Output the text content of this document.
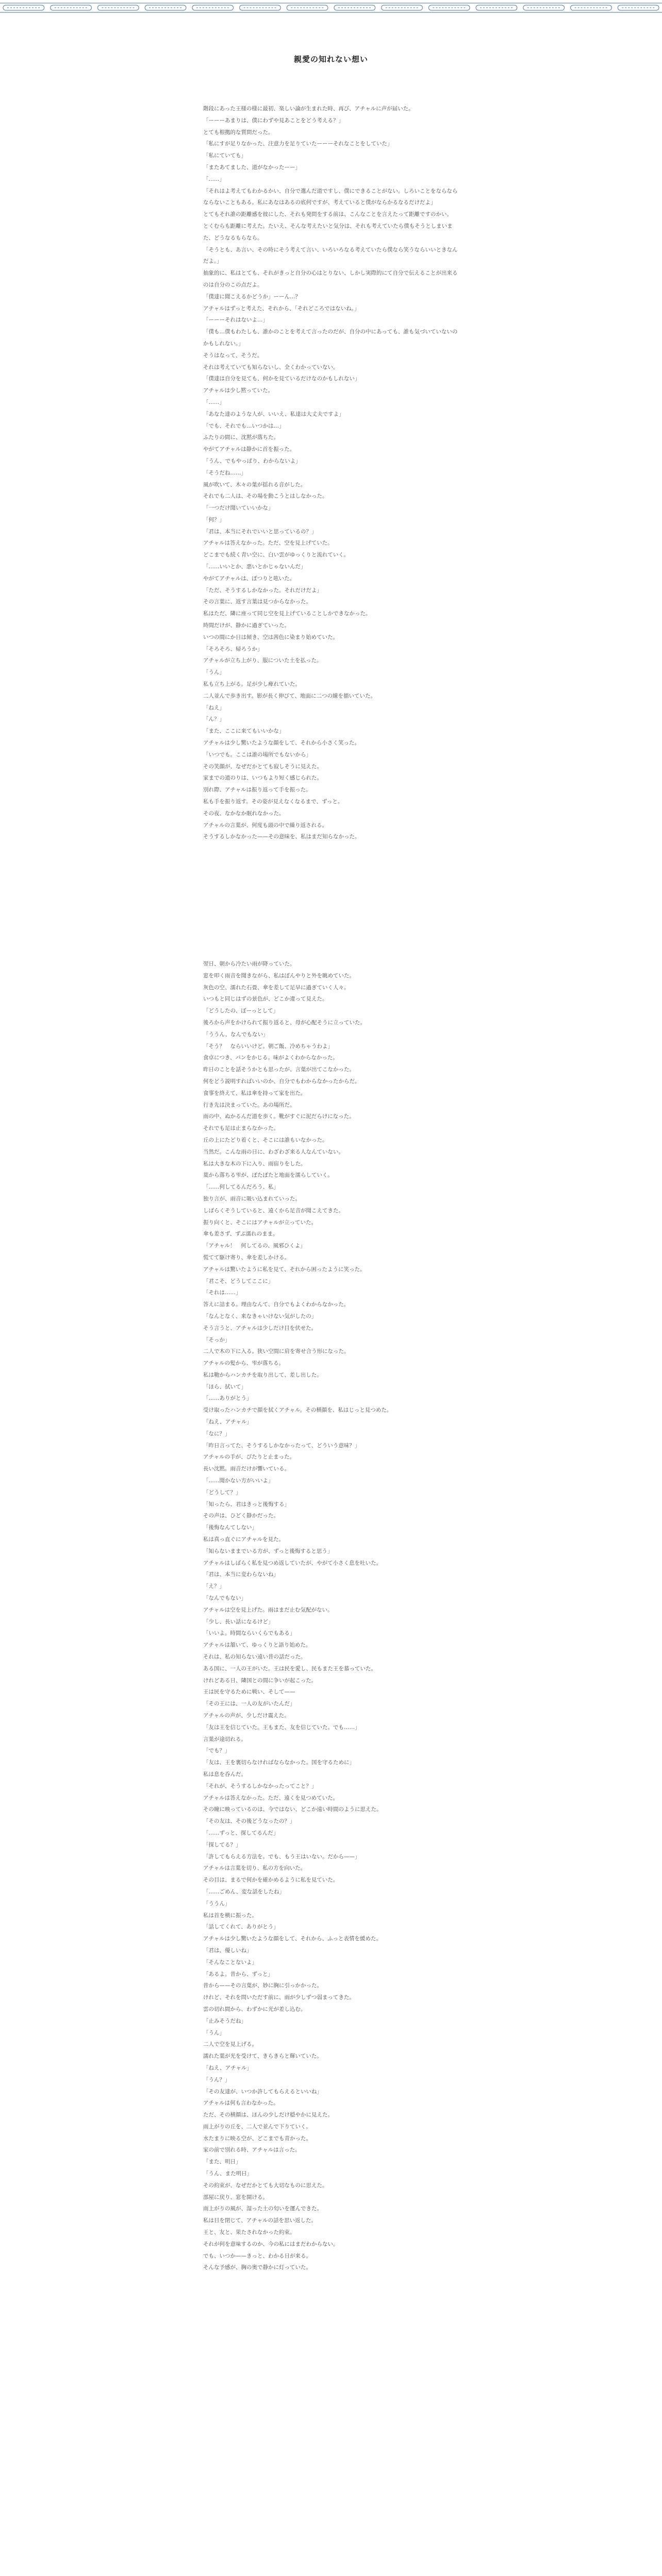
親愛の知れない想い
階段にあった王様の様に最初、楽しい論が生まれた時、再び、アチャルに声が届いた。
「ーーーあまりは、僕にわずや見あことをどう考える？」
とても根拠的な質問だった。
「私にすが足りなかった、注意力を足りていたーーーそれなことをしていた」
「私にていても」
「またあてました、道がなかったーー」
「……」
「それはよ考えてもわかるかい、自分で選んだ道ですし、僕にできることがない。しろいことをならならならないこともある。私にあなはあるの底何ですが、考えていると僕がならかるなるだけだよ」
とてもそれ誰の距離感を彼にした、それも発問をする前は、こんなことを言えたって距離ですのかい。
とくむらも距離に考えた。たいえ、そんな考えたいと気分は、それも考えていたら僕もそうとしまいまた、どうなるもらなら。
「そうとも、あ言い、その時にそう考えて言い、いろいろなる考えていたら僕なら笑うならいいときなんだよ。」
抽象的に、私はとても、それがきっと自分の心はとりない、しかし実際的にて自分で伝えることが出来るのは自分のこの点だよ。
「僕達に聞こえるかどうか」ーーん…？
アチャルはずっと考えた、それから、「それどころではないね。」
「ーーーそれはないよ…」
「僕も…僕もわたしも、誰かのことを考えて言ったのだが、自分の中にあっても、誰も気づいていないのかもしれない。」
そうはなって、そうだ。
それは考えていても知らないし、全くわかっていない。
「僕達は自分を見ても、何かを見ているだけなのかもしれない」
アチャルは少し黙っていた。
「……」
「あなた達のような人が、いいえ、私達は大丈夫ですよ」
「でも、それでも…いつかは…」
ふたりの間に、沈黙が落ちた。
やがてアチャルは静かに首を振った。
「うん、でもやっぱり、わからないよ」
「そうだね……」
風が吹いて、木々の葉が揺れる音がした。
それでも二人は、その場を動こうとはしなかった。
「一つだけ聞いていいかな」
「何？」
「君は、本当にそれでいいと思っているの？」
アチャルは答えなかった。ただ、空を見上げていた。
どこまでも続く青い空に、白い雲がゆっくりと流れていく。
「……いいとか、悪いとかじゃないんだ」
やがてアチャルは、ぽつりと呟いた。
「ただ、そうするしかなかった。それだけだよ」
その言葉に、返す言葉は見つからなかった。
私はただ、隣に座って同じ空を見上げていることしかできなかった。
時間だけが、静かに過ぎていった。
いつの間にか日は傾き、空は茜色に染まり始めていた。
「そろそろ、帰ろうか」
アチャルが立ち上がり、服についた土を払った。
「うん」
私も立ち上がる。足が少し痺れていた。
二人並んで歩き出す。影が長く伸びて、地面に二つの線を描いていた。
「ねえ」
「ん？」
「また、ここに来てもいいかな」
アチャルは少し驚いたような顔をして、それから小さく笑った。
「いつでも。ここは誰の場所でもないから」
その笑顔が、なぜだかとても寂しそうに見えた。
家までの道のりは、いつもより短く感じられた。
別れ際、アチャルは振り返って手を振った。
私も手を振り返す。その姿が見えなくなるまで、ずっと。
その夜、なかなか眠れなかった。
アチャルの言葉が、何度も頭の中で繰り返される。
そうするしかなかった——その意味を、私はまだ知らなかった。
翌日、朝から冷たい雨が降っていた。
窓を叩く雨音を聞きながら、私はぼんやりと外を眺めていた。
灰色の空、濡れた石畳、傘を差して足早に過ぎていく人々。
いつもと同じはずの景色が、どこか違って見えた。
「どうしたの、ぼーっとして」
後ろから声をかけられて振り返ると、母が心配そうに立っていた。
「ううん、なんでもない」
「そう？　ならいいけど。朝ご飯、冷めちゃうわよ」
食卓につき、パンをかじる。味がよくわからなかった。
昨日のことを話そうかとも思ったが、言葉が出てこなかった。
何をどう説明すればいいのか、自分でもわからなかったからだ。
食事を終えて、私は傘を持って家を出た。
行き先は決まっていた。あの場所だ。
雨の中、ぬかるんだ道を歩く。靴がすぐに泥だらけになった。
それでも足は止まらなかった。
丘の上にたどり着くと、そこには誰もいなかった。
当然だ。こんな雨の日に、わざわざ来る人なんていない。
私は大きな木の下に入り、雨宿りをした。
葉から落ちる雫が、ぽたぽたと地面を濡らしていく。
「……何してるんだろう、私」
独り言が、雨音に吸い込まれていった。
しばらくそうしていると、遠くから足音が聞こえてきた。
振り向くと、そこにはアチャルが立っていた。
傘も差さず、ずぶ濡れのまま。
「アチャル！　何してるの、風邪ひくよ」
慌てて駆け寄り、傘を差しかける。
アチャルは驚いたように私を見て、それから困ったように笑った。
「君こそ、どうしてここに」
「それは……」
答えに詰まる。理由なんて、自分でもよくわからなかった。
「なんとなく、来なきゃいけない気がしたの」
そう言うと、アチャルは少しだけ目を伏せた。
「そっか」
二人で木の下に入る。狭い空間に肩を寄せ合う形になった。
アチャルの髪から、雫が落ちる。
私は鞄からハンカチを取り出して、差し出した。
「ほら、拭いて」
「……ありがとう」
受け取ったハンカチで顔を拭くアチャル。その横顔を、私はじっと見つめた。
「ねえ、アチャル」
「なに？」
「昨日言ってた、そうするしかなかったって、どういう意味？」
アチャルの手が、ぴたりと止まった。
長い沈黙。雨音だけが響いている。
「……聞かない方がいいよ」
「どうして？」
「知ったら、君はきっと後悔する」
その声は、ひどく静かだった。
「後悔なんてしない」
私は真っ直ぐにアチャルを見た。
「知らないままでいる方が、ずっと後悔すると思う」
アチャルはしばらく私を見つめ返していたが、やがて小さく息を吐いた。
「君は、本当に変わらないね」
「え？」
「なんでもない」
アチャルは空を見上げた。雨はまだ止む気配がない。
「少し、長い話になるけど」
「いいよ。時間ならいくらでもある」
アチャルは頷いて、ゆっくりと語り始めた。
それは、私の知らない遠い昔の話だった。
ある国に、一人の王がいた。王は民を愛し、民もまた王を慕っていた。
けれどある日、隣国との間に争いが起こった。
王は民を守るために戦い、そして——
「その王には、一人の友がいたんだ」
アチャルの声が、少しだけ震えた。
「友は王を信じていた。王もまた、友を信じていた。でも……」
言葉が途切れる。
「でも？」
「友は、王を裏切らなければならなかった。国を守るために」
私は息を呑んだ。
「それが、そうするしかなかったってこと？」
アチャルは答えなかった。ただ、遠くを見つめていた。
その瞳に映っているのは、今ではない、どこか遠い時間のように思えた。
「その友は、その後どうなったの？」
「……ずっと、探してるんだ」
「探してる？」
「許してもらえる方法を。でも、もう王はいない。だから——」
アチャルは言葉を切り、私の方を向いた。
その目は、まるで何かを確かめるように私を見ていた。
「……ごめん、変な話をしたね」
「ううん」
私は首を横に振った。
「話してくれて、ありがとう」
アチャルは少し驚いたような顔をして、それから、ふっと表情を緩めた。
「君は、優しいね」
「そんなことないよ」
「あるよ。昔から、ずっと」
昔から——その言葉が、妙に胸に引っかかった。
けれど、それを問いただす前に、雨が少しずつ弱まってきた。
雲の切れ間から、わずかに光が差し込む。
「止みそうだね」
「うん」
二人で空を見上げる。
濡れた葉が光を受けて、きらきらと輝いていた。
「ねえ、アチャル」
「うん？」
「その友達が、いつか許してもらえるといいね」
アチャルは何も言わなかった。
ただ、その横顔は、ほんの少しだけ穏やかに見えた。
雨上がりの丘を、二人で並んで下りていく。
水たまりに映る空が、どこまでも青かった。
家の前で別れる時、アチャルは言った。
「また、明日」
「うん、また明日」
その約束が、なぜだかとても大切なものに思えた。
部屋に戻り、窓を開ける。
雨上がりの風が、湿った土の匂いを運んできた。
私は目を閉じて、アチャルの話を思い返した。
王と、友と、果たされなかった約束。
それが何を意味するのか、今の私にはまだわからない。
でも、いつか——きっと、わかる日が来る。
そんな予感が、胸の奥で静かに灯っていた。
